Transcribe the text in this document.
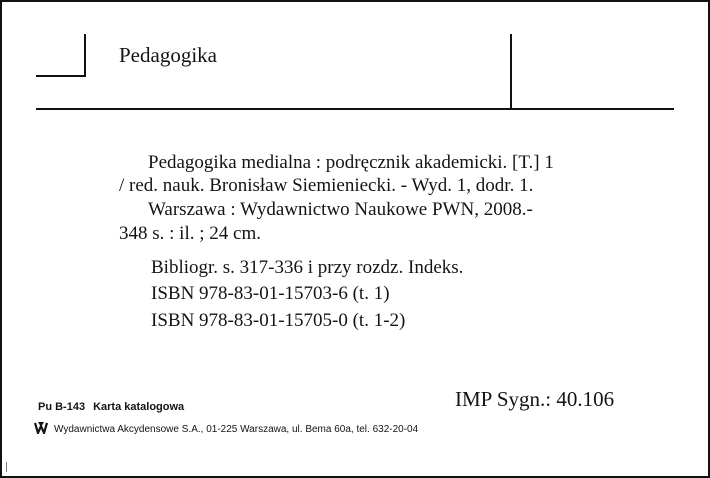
Pedagogika
Pedagogika medialna : podręcznik akademicki. [T.] 1
/ red. nauk. Bronisław Siemieniecki. - Wyd. 1, dodr. 1.
Warszawa : Wydawnictwo Naukowe PWN, 2008.-
348 s. : il. ; 24 cm.
Bibliogr. s. 317-336 i przy rozdz. Indeks.
ISBN 978-83-01-15703-6 (t. 1)
ISBN 978-83-01-15705-0 (t. 1-2)
IMP Sygn.: 40.106
Pu B-143 Karta katalogowa
Wydawnictwa Akcydensowe S.A., 01-225 Warszawa, ul. Bema 60a, tel. 632-20-04
